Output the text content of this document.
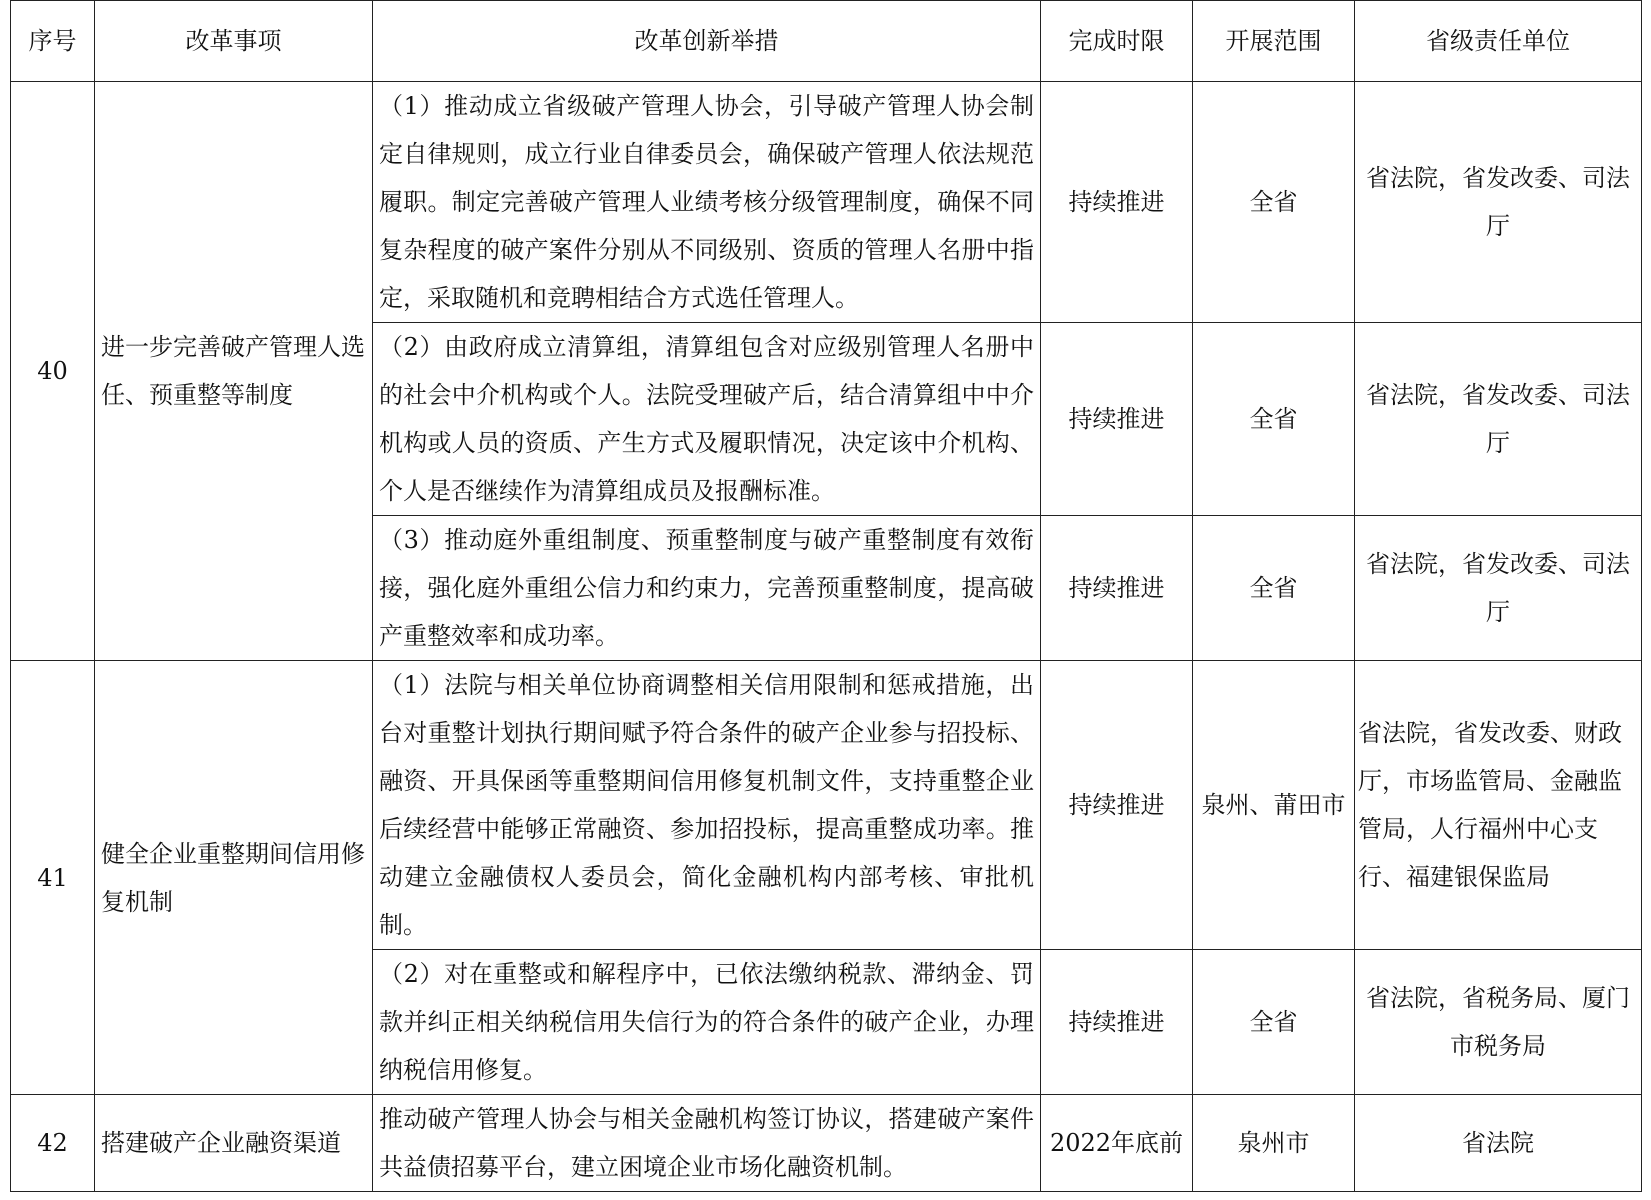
序号	改革事项	改革创新举措	完成时限	开展范围	省级责任单位
40	进一步完善破产管理人选任、预重整等制度	（1）推动成立省级破产管理人协会，引导破产管理人协会制定自律规则，成立行业自律委员会，确保破产管理人依法规范履职。制定完善破产管理人业绩考核分级管理制度，确保不同复杂程度的破产案件分别从不同级别、资质的管理人名册中指定，采取随机和竞聘相结合方式选任管理人。	持续推进	全省	省法院，省发改委、司法厅
		（2）由政府成立清算组，清算组包含对应级别管理人名册中的社会中介机构或个人。法院受理破产后，结合清算组中中介机构或人员的资质、产生方式及履职情况，决定该中介机构、个人是否继续作为清算组成员及报酬标准。	持续推进	全省	省法院，省发改委、司法厅
		（3）推动庭外重组制度、预重整制度与破产重整制度有效衔接，强化庭外重组公信力和约束力，完善预重整制度，提高破产重整效率和成功率。	持续推进	全省	省法院，省发改委、司法厅
41	健全企业重整期间信用修复机制	（1）法院与相关单位协商调整相关信用限制和惩戒措施，出台对重整计划执行期间赋予符合条件的破产企业参与招投标、融资、开具保函等重整期间信用修复机制文件，支持重整企业后续经营中能够正常融资、参加招投标，提高重整成功率。推动建立金融债权人委员会，简化金融机构内部考核、审批机制。	持续推进	泉州、莆田市	省法院，省发改委、财政厅，市场监管局、金融监管局，人行福州中心支行、福建银保监局
		（2）对在重整或和解程序中，已依法缴纳税款、滞纳金、罚款并纠正相关纳税信用失信行为的符合条件的破产企业，办理纳税信用修复。	持续推进	全省	省法院，省税务局、厦门市税务局
42	搭建破产企业融资渠道	推动破产管理人协会与相关金融机构签订协议，搭建破产案件共益债招募平台，建立困境企业市场化融资机制。	2022年底前	泉州市	省法院
